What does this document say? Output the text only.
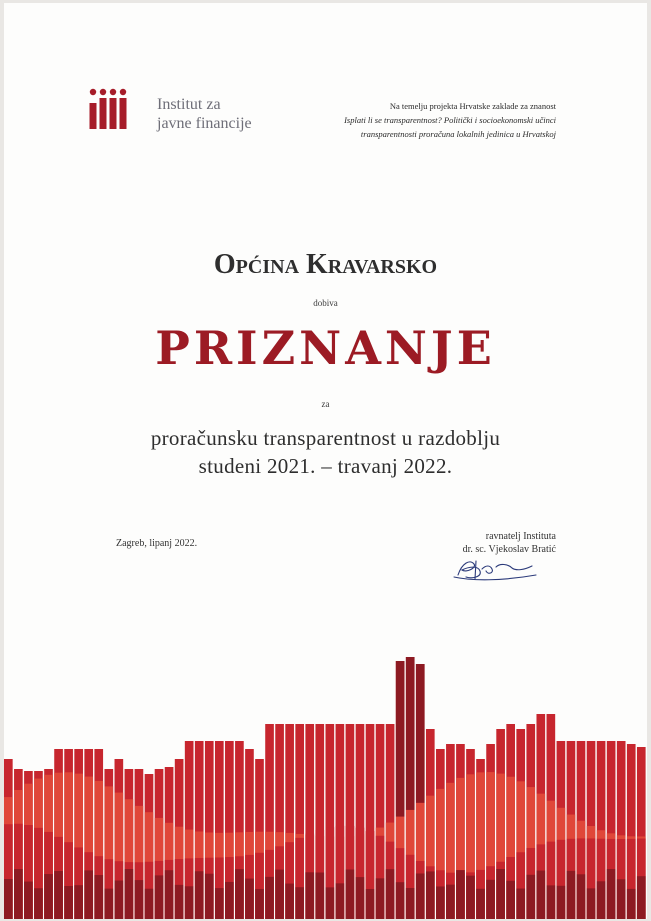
Institut za
javne financije
Na temelju projekta Hrvatske zaklade za znanost
Isplati li se transparentnost? Politički i socioekonomski učinci
transparentnosti proračuna lokalnih jedinica u Hrvatskoj
Općina Kravarsko
dobiva
PRIZNANJE
za
proračunsku transparentnost u razdoblju
studeni 2021. – travanj 2022.
Zagreb, lipanj 2022.
ravnatelj Instituta
dr. sc. Vjekoslav Bratić
